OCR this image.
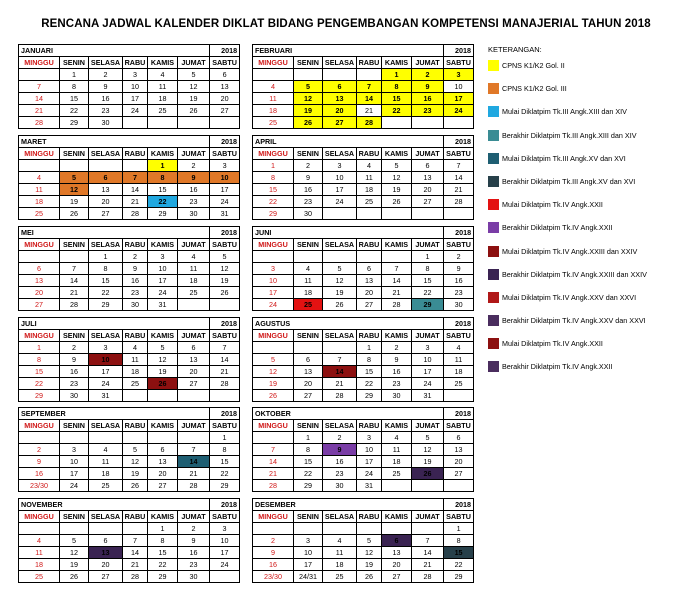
RENCANA JADWAL KALENDER DIKLAT BIDANG PENGEMBANGAN KOMPETENSI MANAJERIAL TAHUN 2018
JANUARI						2018
MINGGU	SENIN	SELASA	RABU	KAMIS	JUMAT	SABTU
	1	2	3	4	5	6
7	8	9	10	11	12	13
14	15	16	17	18	19	20
21	22	23	24	25	26	27
28	29	30				
FEBRUARI						2018
MINGGU	SENIN	SELASA	RABU	KAMIS	JUMAT	SABTU
				1	2	3
4	5	6	7	8	9	10
11	12	13	14	15	16	17
18	19	20	21	22	23	24
25	26	27	28			
MARET						2018
MINGGU	SENIN	SELASA	RABU	KAMIS	JUMAT	SABTU
				1	2	3
4	5	6	7	8	9	10
11	12	13	14	15	16	17
18	19	20	21	22	23	24
25	26	27	28	29	30	31
APRIL						2018
MINGGU	SENIN	SELASA	RABU	KAMIS	JUMAT	SABTU
1	2	3	4	5	6	7
8	9	10	11	12	13	14
15	16	17	18	19	20	21
22	23	24	25	26	27	28
29	30					
MEI						2018
MINGGU	SENIN	SELASA	RABU	KAMIS	JUMAT	SABTU
		1	2	3	4	5
6	7	8	9	10	11	12
13	14	15	16	17	18	19
20	21	22	23	24	25	26
27	28	29	30	31		
JUNI						2018
MINGGU	SENIN	SELASA	RABU	KAMIS	JUMAT	SABTU
					1	2
3	4	5	6	7	8	9
10	11	12	13	14	15	16
17	18	19	20	21	22	23
24	25	26	27	28	29	30
JULI						2018
MINGGU	SENIN	SELASA	RABU	KAMIS	JUMAT	SABTU
1	2	3	4	5	6	7
8	9	10	11	12	13	14
15	16	17	18	19	20	21
22	23	24	25	26	27	28
29	30	31				
AGUSTUS						2018
MINGGU	SENIN	SELASA	RABU	KAMIS	JUMAT	SABTU
			1	2	3	4
5	6	7	8	9	10	11
12	13	14	15	16	17	18
19	20	21	22	23	24	25
26	27	28	29	30	31	
SEPTEMBER						2018
MINGGU	SENIN	SELASA	RABU	KAMIS	JUMAT	SABTU
						1
2	3	4	5	6	7	8
9	10	11	12	13	14	15
16	17	18	19	20	21	22
23/30	24	25	26	27	28	29
OKTOBER						2018
MINGGU	SENIN	SELASA	RABU	KAMIS	JUMAT	SABTU
	1	2	3	4	5	6
7	8	9	10	11	12	13
14	15	16	17	18	19	20
21	22	23	24	25	26	27
28	29	30	31			
NOVEMBER						2018
MINGGU	SENIN	SELASA	RABU	KAMIS	JUMAT	SABTU
				1	2	3
4	5	6	7	8	9	10
11	12	13	14	15	16	17
18	19	20	21	22	23	24
25	26	27	28	29	30	
DESEMBER						2018
MINGGU	SENIN	SELASA	RABU	KAMIS	JUMAT	SABTU
						1
2	3	4	5	6	7	8
9	10	11	12	13	14	15
16	17	18	19	20	21	22
23/30	24/31	25	26	27	28	29
KETERANGAN:
CPNS K1/K2 Gol. II
CPNS K1/K2 Gol. III
Mulai Diklatpim Tk.III Angk.XIII dan XIV
Berakhir Diklatpim Tk.III Angk.XIII dan XIV
Mulai Diklatpim Tk.III Angk.XV dan XVI
Berakhir Diklatpim Tk.III Angk.XV dan XVI
Mulai Diklatpim Tk.IV Angk.XXII
Berakhir Diklatpim Tk.IV Angk.XXII
Mulai Diklatpim Tk.IV Angk.XXIII dan XXIV
Berakhir Diklatpim Tk.IV Angk.XXIII dan XXIV
Mulai Diklatpim Tk.IV Angk.XXV dan XXVI
Berakhir Diklatpim Tk.IV Angk.XXV dan XXVI
Mulai Diklatpim Tk.IV Angk.XXII
Berakhir Diklatpim Tk.IV Angk.XXII
